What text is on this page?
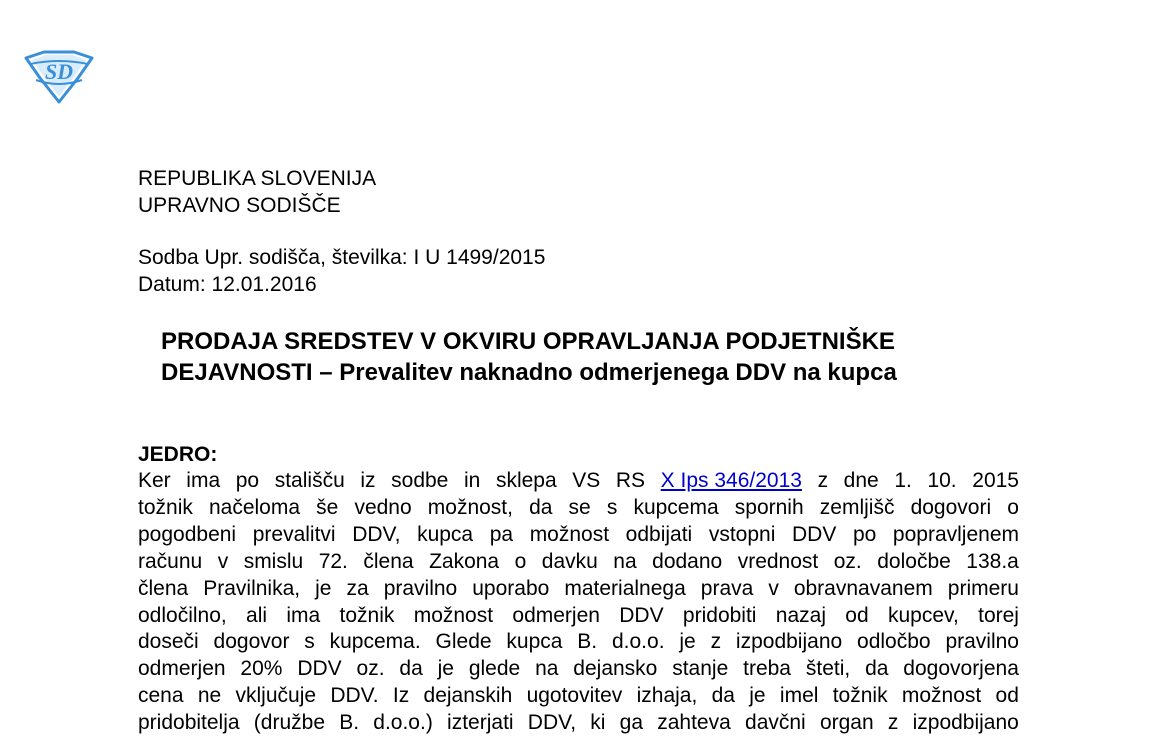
SD
REPUBLIKA SLOVENIJA
UPRAVNO SODIŠČE
Sodba Upr. sodišča, številka: I U 1499/2015
Datum: 12.01.2016
PRODAJA SREDSTEV V OKVIRU OPRAVLJANJA PODJETNIŠKE
DEJAVNOSTI – Prevalitev naknadno odmerjenega DDV na kupca
JEDRO:
Ker ima po stališču iz sodbe in sklepa VS RS X Ips 346/2013 z dne 1. 10. 2015
tožnik načeloma še vedno možnost, da se s kupcema spornih zemljišč dogovori o
pogodbeni prevalitvi DDV, kupca pa možnost odbijati vstopni DDV po popravljenem
računu v smislu 72. člena Zakona o davku na dodano vrednost oz. določbe 138.a
člena Pravilnika, je za pravilno uporabo materialnega prava v obravnavanem primeru
odločilno, ali ima tožnik možnost odmerjen DDV pridobiti nazaj od kupcev, torej
doseči dogovor s kupcema. Glede kupca B. d.o.o. je z izpodbijano odločbo pravilno
odmerjen 20% DDV oz. da je glede na dejansko stanje treba šteti, da dogovorjena
cena ne vključuje DDV. Iz dejanskih ugotovitev izhaja, da je imel tožnik možnost od
pridobitelja (družbe B. d.o.o.) izterjati DDV, ki ga zahteva davčni organ z izpodbijano
